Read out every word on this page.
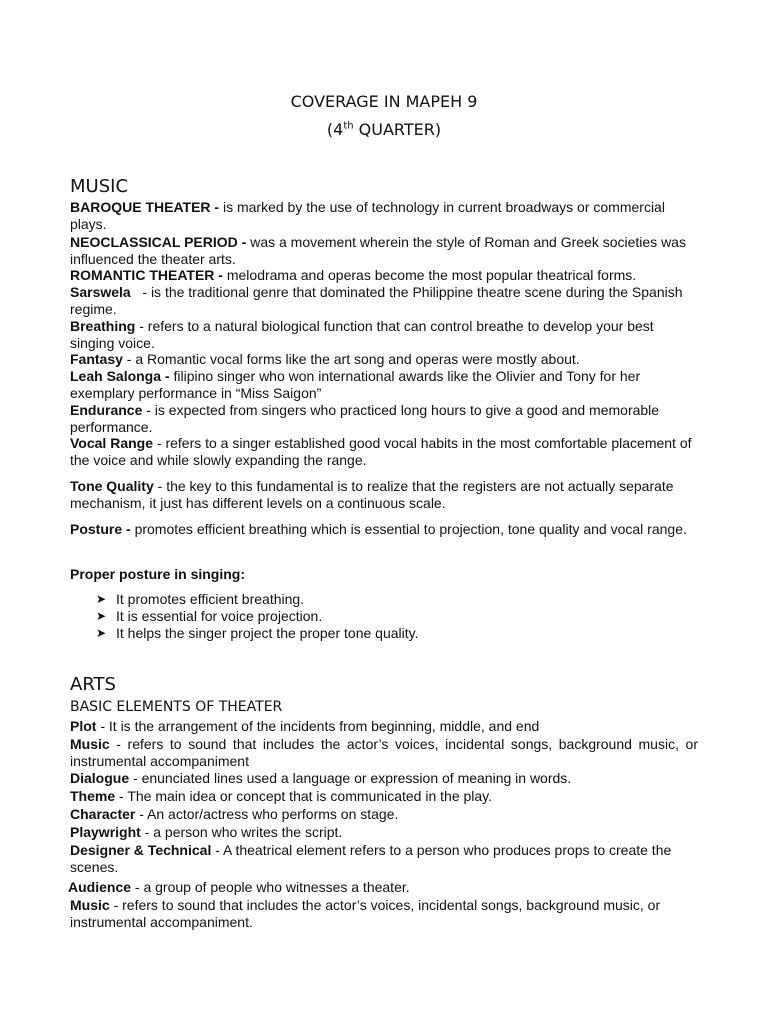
COVERAGE IN MAPEH 9
(4th QUARTER)
MUSIC
BAROQUE THEATER - is marked by the use of technology in current broadways or commercial plays.
NEOCLASSICAL PERIOD - was a movement wherein the style of Roman and Greek societies was influenced the theater arts.
ROMANTIC THEATER - melodrama and operas become the most popular theatrical forms.
Sarswela   - is the traditional genre that dominated the Philippine theatre scene during the Spanish regime.
Breathing - refers to a natural biological function that can control breathe to develop your best singing voice.
Fantasy - a Romantic vocal forms like the art song and operas were mostly about.
Leah Salonga - filipino singer who won international awards like the Olivier and Tony for her exemplary performance in “Miss Saigon”
Endurance - is expected from singers who practiced long hours to give a good and memorable performance.
Vocal Range - refers to a singer established good vocal habits in the most comfortable placement of the voice and while slowly expanding the range.
Tone Quality - the key to this fundamental is to realize that the registers are not actually separate mechanism, it just has different levels on a continuous scale.
Posture - promotes efficient breathing which is essential to projection, tone quality and vocal range.
Proper posture in singing:
➤ It promotes efficient breathing.
➤ It is essential for voice projection.
➤ It helps the singer project the proper tone quality.
ARTS
BASIC ELEMENTS OF THEATER
Plot - It is the arrangement of the incidents from beginning, middle, and end
Music - refers to sound that includes the actor’s voices, incidental songs, background music, or instrumental accompaniment
Dialogue - enunciated lines used a language or expression of meaning in words.
Theme - The main idea or concept that is communicated in the play.
Character - An actor/actress who performs on stage.
Playwright - a person who writes the script.
Designer & Technical - A theatrical element refers to a person who produces props to create the scenes.
Audience - a group of people who witnesses a theater.
Music - refers to sound that includes the actor’s voices, incidental songs, background music, or instrumental accompaniment.
